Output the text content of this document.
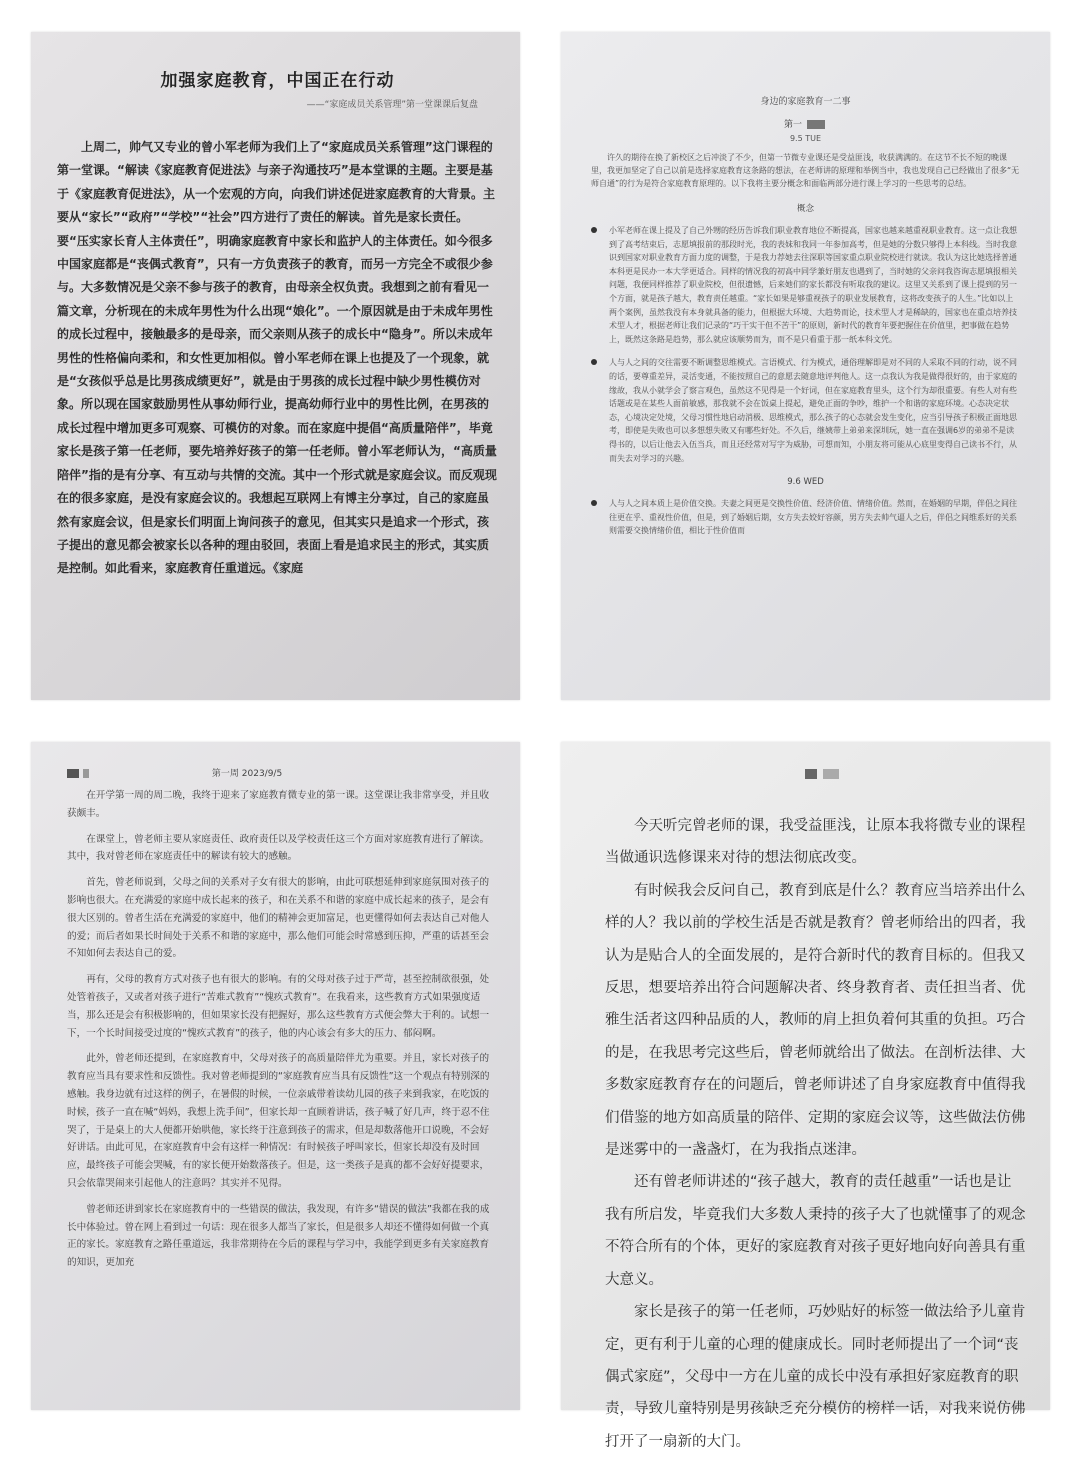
加强家庭教育，中国正在行动

——“家庭成员关系管理”第一堂课课后复盘

上周二，帅气又专业的曾小军老师为我们上了“家庭成员关系管理”这门课程的第一堂课。“解读《家庭教育促进法》与亲子沟通技巧”是本堂课的主题。主要是基于《家庭教育促进法》，从一个宏观的方向，向我们讲述促进家庭教育的大背景。主要从“家长”“政府”“学校”“社会”四方进行了责任的解读。首先是家长责任。要“压实家长育人主体责任”，明确家庭教育中家长和监护人的主体责任。如今很多中国家庭都是“丧偶式教育”，只有一方负责孩子的教育，而另一方完全不或很少参与。大多数情况是父亲不参与孩子的教育，由母亲全权负责。我想到之前有看见一篇文章，分析现在的未成年男性为什么出现“娘化”。一个原因就是由于未成年男性的成长过程中，接触最多的是母亲，而父亲则从孩子的成长中“隐身”。所以未成年男性的性格偏向柔和，和女性更加相似。曾小军老师在课上也提及了一个现象，就是“女孩似乎总是比男孩成绩更好”，就是由于男孩的成长过程中缺少男性模仿对象。所以现在国家鼓励男性从事幼师行业，提高幼师行业中的男性比例，在男孩的成长过程中增加更多可观察、可模仿的对象。而在家庭中提倡“高质量陪伴”，毕竟家长是孩子第一任老师，要先培养好孩子的第一任老师。曾小军老师认为，“高质量陪伴”指的是有分享、有互动与共情的交流。其中一个形式就是家庭会议。而反观现在的很多家庭，是没有家庭会议的。我想起互联网上有博主分享过，自己的家庭虽然有家庭会议，但是家长们明面上询问孩子的意见，但其实只是追求一个形式，孩子提出的意见都会被家长以各种的理由驳回，表面上看是追求民主的形式，其实质是控制。如此看来，家庭教育任重道远。《家庭

身边的家庭教育一二事

第一

9.5 TUE

许久的期待在换了新校区之后冲淡了不少，但第一节微专业课还是受益匪浅，收获满满的。在这节不长不短的晚课里，我更加坚定了自己以前是选择家庭教育这条路的想法，在老师讲的原理和举例当中，我也发现自己已经做出了很多“无师自通”的行为是符合家庭教育原理的。以下我将主要分概念和面临两部分进行课上学习的一些思考的总结。

概念

小军老师在课上提及了自己外甥的经历告诉我们职业教育地位不断提高，国家也越来越重视职业教育。这一点让我想到了高考结束后，志愿填报前的那段时光，我的表妹和我同一年参加高考，但是她的分数只够得上本科线。当时我意识到国家对职业教育方面力度的调整，于是我力荐她去往深职等国家重点职业院校进行就读。我认为这比她选择普通本科更是民办一本大学更适合。同样的情况我的初高中同学兼好朋友也遇到了，当时她的父亲问我咨询志愿填报相关问题，我便同样推荐了职业院校，但很遗憾，后来她们的家长都没有听取我的建议。这里又关系到了课上提到的另一个方面，就是孩子越大，教育责任越重。“家长如果是够重视孩子的职业发展教育，这将改变孩子的人生。”比如以上两个案例，虽然我没有本身就具备的能力，但根据大环境、大趋势而论，技术型人才是稀缺的，国家也在重点培养技术型人才，根据老师让我们记录的“巧干实干但不苦干”的原则，新时代的教育年要把握住在价值里，把事做在趋势上，既然这条路是趋势，那么就应该顺势而为，而不是只看重于那一纸本科文凭。
人与人之间的交往需要不断调整思维模式。言语模式、行为模式，通俗理解即是对不同的人采取不同的行动，说不同的话，要尊重差异，灵活变通，不能按照自己的意愿去随意地评判他人。这一点我认为我是做得很好的，由于家庭的缘故，我从小就学会了察言观色，虽然这不见得是一个好词，但在家庭教育里头，这个行为却很重要。有些人对有些话题或是在某些人面前敏感，那我就不会在饭桌上提起，避免正面的争吵，维护一个和谐的家庭环境。心态决定状态，心境决定处境，父母习惯性地启动消极、思维模式，那么孩子的心态就会发生变化，应当引导孩子积极正面地思考，即使是失败也可以多想想失败又有哪些好处。不久后，继姨带上弟弟来深圳玩，她一直在强调6岁的弟弟不是读得书的，以后让他去入伍当兵，而且还经常对写字为威胁，可想而知，小朋友将可能从心底里变得自己读书不行，从而失去对学习的兴趣。

9.6 WED

人与人之间本质上是价值交换。夫妻之间更是交换性价值、经济价值、情绪价值。然而，在婚姻的早期，伴侣之间往往更在乎、重视性价值，但是，到了婚姻后期，女方失去姣好容颜，男方失去帅气逼人之后，伴侣之间维系好的关系则需要交换情绪价值，相比于性价值而

第一周 2023/9/5

在开学第一周的周二晚，我终于迎来了家庭教育微专业的第一课。这堂课让我非常享受，并且收获颇丰。

在课堂上，曾老师主要从家庭责任、政府责任以及学校责任这三个方面对家庭教育进行了解读。其中，我对曾老师在家庭责任中的解读有较大的感触。

首先，曾老师说到，父母之间的关系对子女有很大的影响，由此可联想延伸到家庭氛围对孩子的影响也很大。在充满爱的家庭中成长起来的孩子，和在关系不和谐的家庭中成长起来的孩子，是会有很大区别的。曾者生活在充满爱的家庭中，他们的精神会更加富足，也更懂得如何去表达自己对他人的爱；而后者如果长时间处于关系不和谐的家庭中，那么他们可能会时常感到压抑，严重的话甚至会不知如何去表达自己的爱。

再有，父母的教育方式对孩子也有很大的影响。有的父母对孩子过于严苛，甚至控制欲很强，处处管着孩子，又或者对孩子进行“苦难式教育”“愧疚式教育”。在我看来，这些教育方式如果强度适当，那么还是会有积极影响的，但如果家长没有把握好，那么这些教育方式便会弊大于利的。试想一下，一个长时间接受过度的“愧疚式教育”的孩子，他的内心该会有多大的压力、郁闷啊。

此外，曾老师还提到，在家庭教育中，父母对孩子的高质量陪伴尤为重要。并且，家长对孩子的教育应当具有要求性和反馈性。我对曾老师提到的“家庭教育应当具有反馈性”这一个观点有特别深的感触。我身边就有过这样的例子，在暑假的时候，一位亲戚带着读幼儿园的孩子来到我家，在吃饭的时候，孩子一直在喊“妈妈，我想上洗手间”，但家长却一直顾着讲话，孩子喊了好几声，终于忍不住哭了，于是桌上的大人便都开始哄他，家长终于注意到孩子的需求，但是却数落他开口说晚，不会好好讲话。由此可见，在家庭教育中会有这样一种情况：有时候孩子呼叫家长，但家长却没有及时回应，最终孩子可能会哭喊，有的家长便开始数落孩子。但是，这一类孩子是真的都不会好好提要求，只会依靠哭闹来引起他人的注意吗？其实并不见得。

曾老师还讲到家长在家庭教育中的一些错误的做法，我发现，有许多“错误的做法”我都在我的成长中体验过。曾在网上看到过一句话：现在很多人都当了家长，但是很多人却还不懂得如何做一个真正的家长。家庭教育之路任重道远，我非常期待在今后的课程与学习中，我能学到更多有关家庭教育的知识，更加充

今天听完曾老师的课，我受益匪浅，让原本我将微专业的课程当做通识选修课来对待的想法彻底改变。

有时候我会反问自己，教育到底是什么？教育应当培养出什么样的人？我以前的学校生活是否就是教育？曾老师给出的四者，我认为是贴合人的全面发展的，是符合新时代的教育目标的。但我又反思，想要培养出符合问题解决者、终身教育者、责任担当者、优雅生活者这四种品质的人，教师的肩上担负着何其重的负担。巧合的是，在我思考完这些后，曾老师就给出了做法。在剖析法律、大多数家庭教育存在的问题后，曾老师讲述了自身家庭教育中值得我们借鉴的地方如高质量的陪伴、定期的家庭会议等，这些做法仿佛是迷雾中的一盏盏灯，在为我指点迷津。

还有曾老师讲述的“孩子越大，教育的责任越重”一话也是让我有所启发，毕竟我们大多数人秉持的孩子大了也就懂事了的观念不符合所有的个体，更好的家庭教育对孩子更好地向好向善具有重大意义。

家长是孩子的第一任老师，巧妙贴好的标签一做法给予儿童肯定，更有利于儿童的心理的健康成长。同时老师提出了一个词“丧偶式家庭”，父母中一方在儿童的成长中没有承担好家庭教育的职责，导致儿童特别是男孩缺乏充分模仿的榜样一话，对我来说仿佛打开了一扇新的大门。
